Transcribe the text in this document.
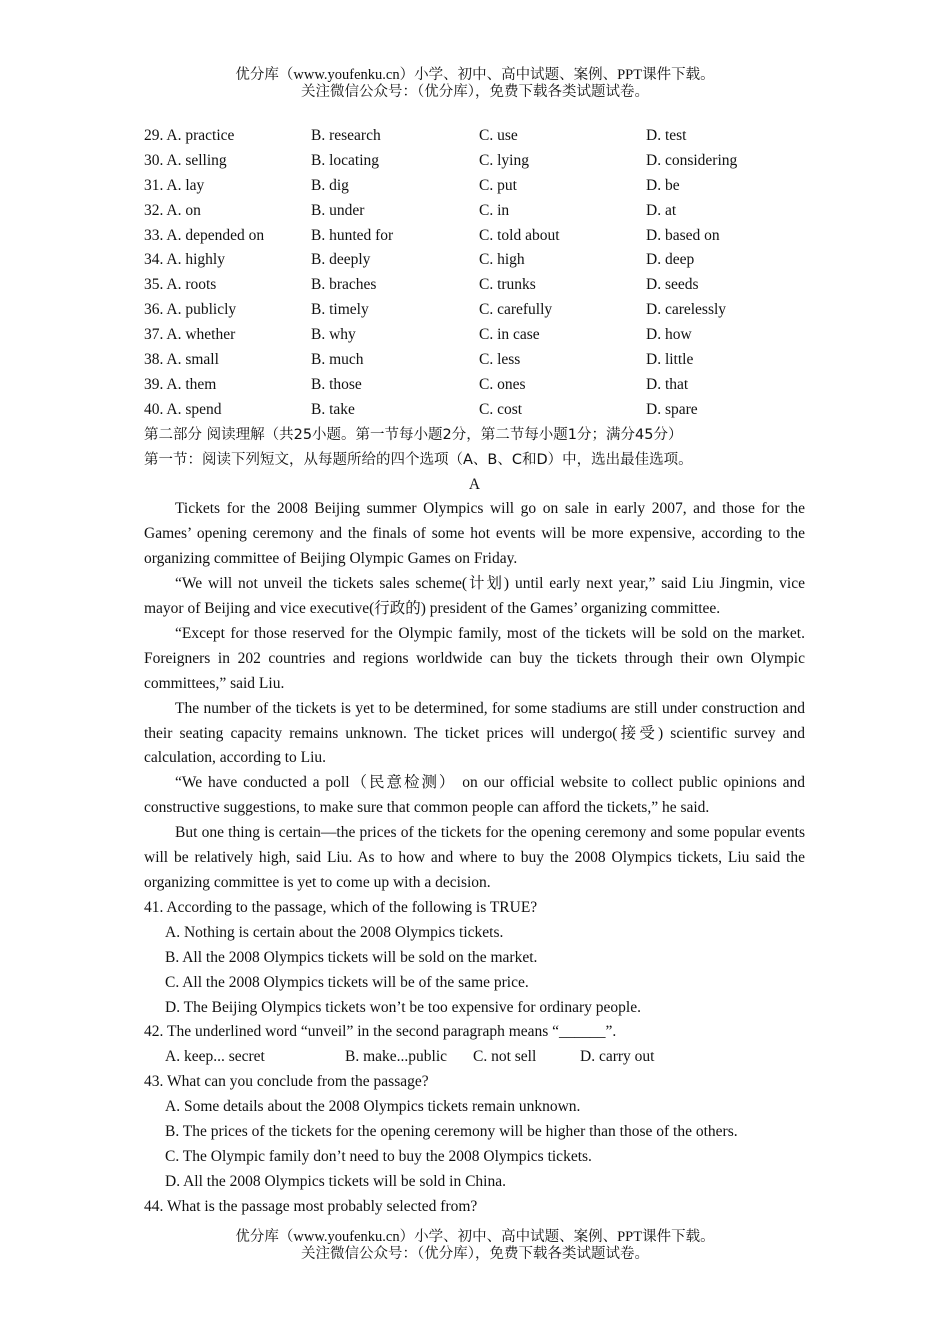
优分库（www.youfenku.cn）小学、初中、高中试题、案例、PPT课件下载。
关注微信公众号：（优分库），免费下载各类试题试卷。
29. A. practice	B. research	C. use	D. test
30. A. selling	B. locating	C. lying	D. considering
31. A. lay	B. dig	C. put	D. be
32. A. on	B. under	C. in	D. at
33. A. depended on	B. hunted for	C. told about	D. based on
34. A. highly	B. deeply	C. high	D. deep
35. A. roots	B. braches	C. trunks	D. seeds
36. A. publicly	B. timely	C. carefully	D. carelessly
37. A. whether	B. why	C. in case	D. how
38. A. small	B. much	C. less	D. little
39. A. them	B. those	C. ones	D. that
40. A. spend	B. take	C. cost	D. spare
第二部分 阅读理解（共25小题。第一节每小题2分，第二节每小题1分；满分45分）
第一节：阅读下列短文，从每题所给的四个选项（A、B、C和D）中，选出最佳选项。
A
Tickets for the 2008 Beijing summer Olympics will go on sale in early 2007, and those for the Games’ opening ceremony and the finals of some hot events will be more expensive, according to the organizing committee of Beijing Olympic Games on Friday.
“We will not unveil the tickets sales scheme(计划) until early next year,” said Liu Jingmin, vice mayor of Beijing and vice executive(行政的) president of the Games’ organizing committee.
“Except for those reserved for the Olympic family, most of the tickets will be sold on the market. Foreigners in 202 countries and regions worldwide can buy the tickets through their own Olympic committees,” said Liu.
The number of the tickets is yet to be determined, for some stadiums are still under construction and their seating capacity remains unknown. The ticket prices will undergo(接受) scientific survey and calculation, according to Liu.
“We have conducted a poll（民意检测） on our official website to collect public opinions and constructive suggestions, to make sure that common people can afford the tickets,” he said.
But one thing is certain—the prices of the tickets for the opening ceremony and some popular events will be relatively high, said Liu. As to how and where to buy the 2008 Olympics tickets, Liu said the organizing committee is yet to come up with a decision.
41. According to the passage, which of the following is TRUE?
A. Nothing is certain about the 2008 Olympics tickets.
B. All the 2008 Olympics tickets will be sold on the market.
C. All the 2008 Olympics tickets will be of the same price.
D. The Beijing Olympics tickets won’t be too expensive for ordinary people.
42. The underlined word “unveil” in the second paragraph means “______”.
A. keep... secret	B. make...public C. not sell	D. carry out
43. What can you conclude from the passage?
A. Some details about the 2008 Olympics tickets remain unknown.
B. The prices of the tickets for the opening ceremony will be higher than those of the others.
C. The Olympic family don’t need to buy the 2008 Olympics tickets.
D. All the 2008 Olympics tickets will be sold in China.
44. What is the passage most probably selected from?
优分库（www.youfenku.cn）小学、初中、高中试题、案例、PPT课件下载。
关注微信公众号：（优分库），免费下载各类试题试卷。
